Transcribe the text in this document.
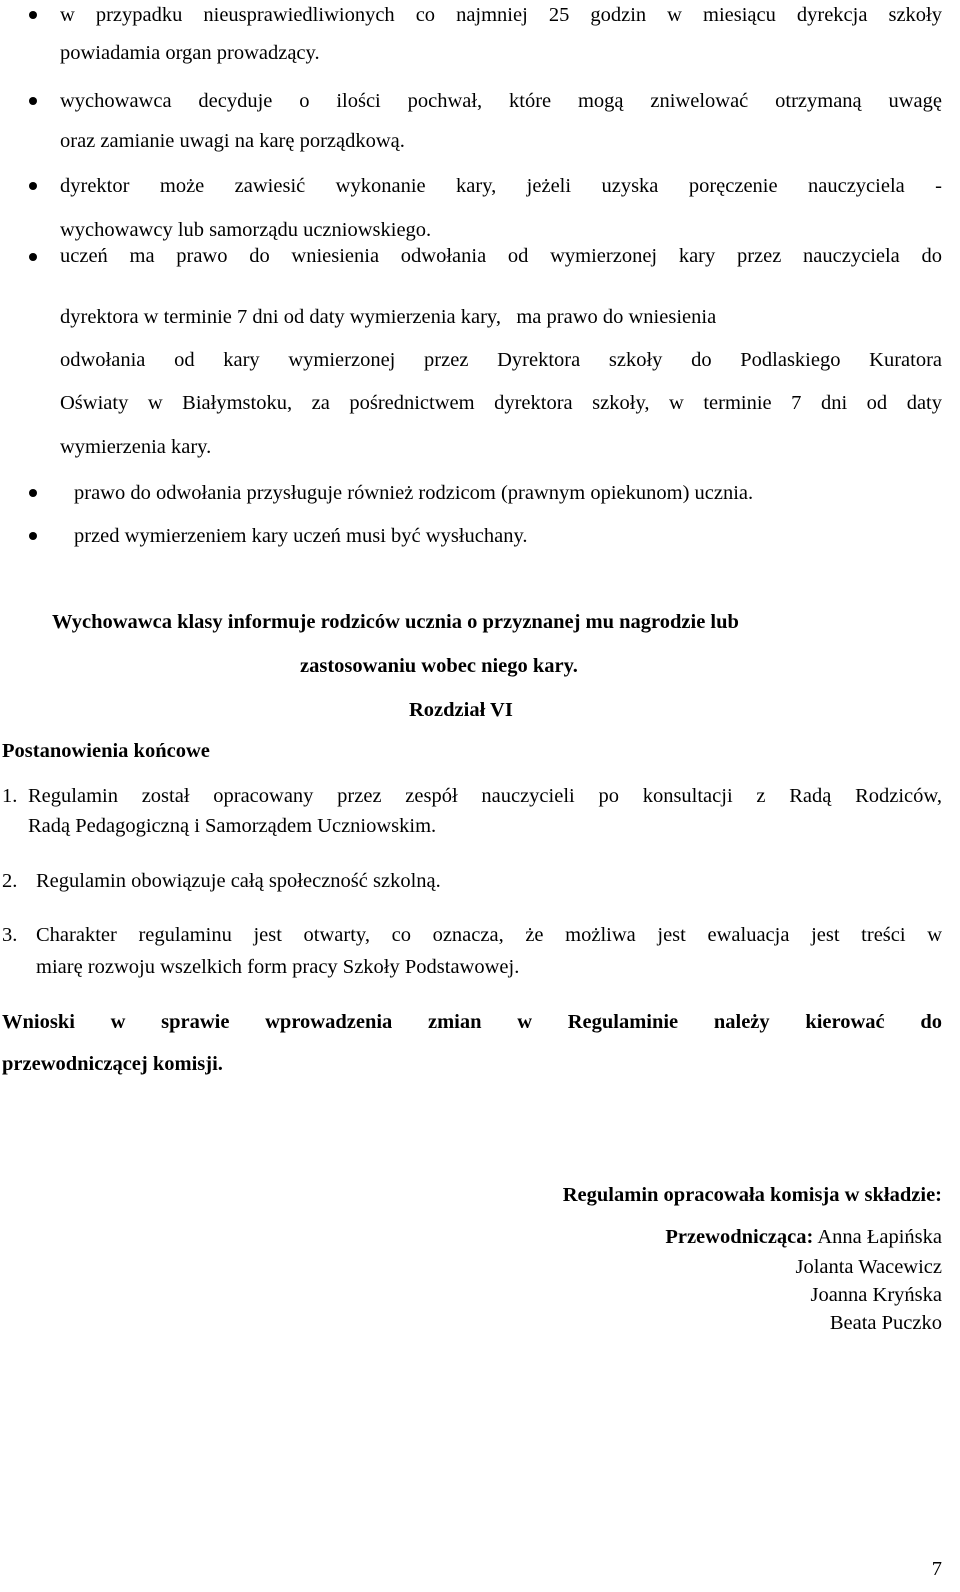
w przypadku nieusprawiedliwionych co najmniej 25 godzin w miesiącu dyrekcja szkoły
powiadamia organ prowadzący.
wychowawca decyduje o ilości pochwał, które mogą zniwelować otrzymaną uwagę
oraz zamianie uwagi na karę porządkową.
dyrektor może zawiesić wykonanie kary, jeżeli uzyska poręczenie nauczyciela -
wychowawcy lub samorządu uczniowskiego.
uczeń ma prawo do wniesienia odwołania od wymierzonej kary przez nauczyciela do
dyrektora w terminie 7 dni od daty wymierzenia kary,   ma prawo do wniesienia
odwołania od kary wymierzonej przez Dyrektora szkoły do Podlaskiego Kuratora
Oświaty w Białymstoku, za pośrednictwem dyrektora szkoły, w terminie 7 dni od daty
wymierzenia kary.
prawo do odwołania przysługuje również rodzicom (prawnym opiekunom) ucznia.
przed wymierzeniem kary uczeń musi być wysłuchany.
Wychowawca klasy informuje rodziców ucznia o przyznanej mu nagrodzie lub
zastosowaniu wobec niego kary.
Rozdział VI
Postanowienia końcowe
1. Regulamin został opracowany przez zespół nauczycieli po konsultacji z Radą Rodziców,
Radą Pedagogiczną i Samorządem Uczniowskim.
2. Regulamin obowiązuje całą społeczność szkolną.
3. Charakter regulaminu jest otwarty, co oznacza, że możliwa jest ewaluacja jest treści w
miarę rozwoju wszelkich form pracy Szkoły Podstawowej.
Wnioski w sprawie wprowadzenia zmian w Regulaminie należy kierować do
przewodniczącej komisji.
Regulamin opracowała komisja w składzie:
Przewodnicząca: Anna Łapińska
Jolanta Wacewicz
Joanna Kryńska
Beata Puczko
7
